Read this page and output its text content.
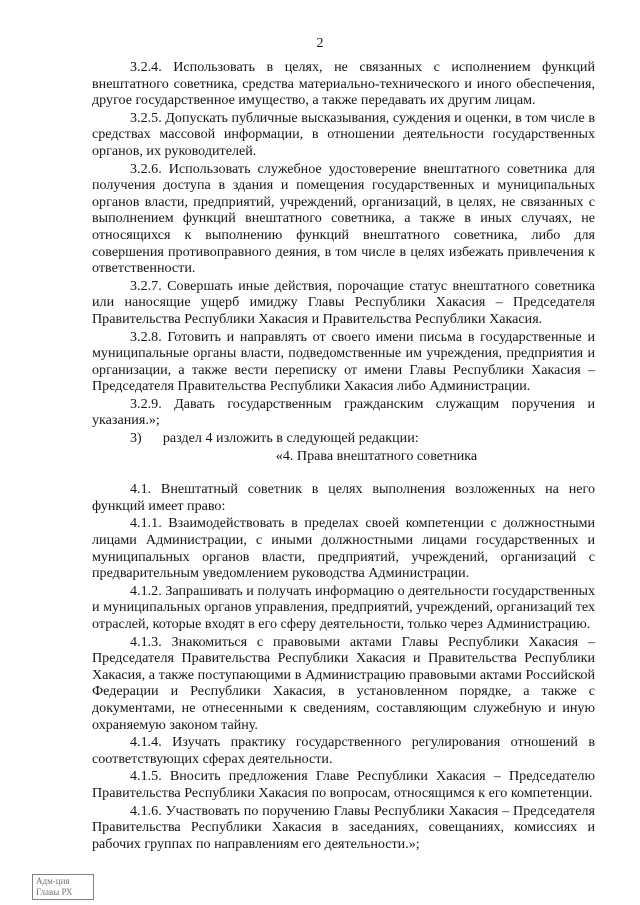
2

3.2.4. Использовать в целях, не связанных с исполнением функций внештатного советника, средства материально-технического и иного обеспечения, другое государственное имущество, а также передавать их другим лицам.

3.2.5. Допускать публичные высказывания, суждения и оценки, в том числе в средствах массовой информации, в отношении деятельности государственных органов, их руководителей.

3.2.6. Использовать служебное удостоверение внештатного советника для получения доступа в здания и помещения государственных и муниципальных органов власти, предприятий, учреждений, организаций, в целях, не связанных с выполнением функций внештатного советника, а также в иных случаях, не относящихся к выполнению функций внештатного советника, либо для совершения противоправного деяния, в том числе в целях избежать привлечения к ответственности.

3.2.7. Совершать иные действия, порочащие статус внештатного советника или наносящие ущерб имиджу Главы Республики Хакасия – Председателя Правительства Республики Хакасия и Правительства Республики Хакасия.

3.2.8. Готовить и направлять от своего имени письма в государственные и муниципальные органы власти, подведомственные им учреждения, предприятия и организации, а также вести переписку от имени Главы Республики Хакасия – Председателя Правительства Республики Хакасия либо Администрации.

3.2.9. Давать государственным гражданским служащим поручения и указания.»;

3)      раздел 4 изложить в следующей редакции:

«4. Права внештатного советника

4.1. Внештатный советник в целях выполнения возложенных на него функций имеет право:

4.1.1. Взаимодействовать в пределах своей компетенции с должностными лицами Администрации, с иными должностными лицами государственных и муниципальных органов власти, предприятий, учреждений, организаций с предварительным уведомлением руководства Администрации.

4.1.2. Запрашивать и получать информацию о деятельности государственных и муниципальных органов управления, предприятий, учреждений, организаций тех отраслей, которые входят в его сферу деятельности, только через Администрацию.

4.1.3. Знакомиться с правовыми актами Главы Республики Хакасия – Председателя Правительства Республики Хакасия и Правительства Республики Хакасия, а также поступающими в Администрацию правовыми актами Российской Федерации и Республики Хакасия, в установленном порядке, а также с документами, не отнесенными к сведениям, составляющим служебную и иную охраняемую законом тайну.

4.1.4. Изучать практику государственного регулирования отношений в соответствующих сферах деятельности.

4.1.5. Вносить предложения Главе Республики Хакасия – Председателю Правительства Республики Хакасия по вопросам, относящимся к его компетенции.

4.1.6. Участвовать по поручению Главы Республики Хакасия – Председателя Правительства Республики Хакасия в заседаниях, совещаниях, комиссиях и рабочих группах по направлениям его деятельности.»;

Адм-ция
Главы РХ
